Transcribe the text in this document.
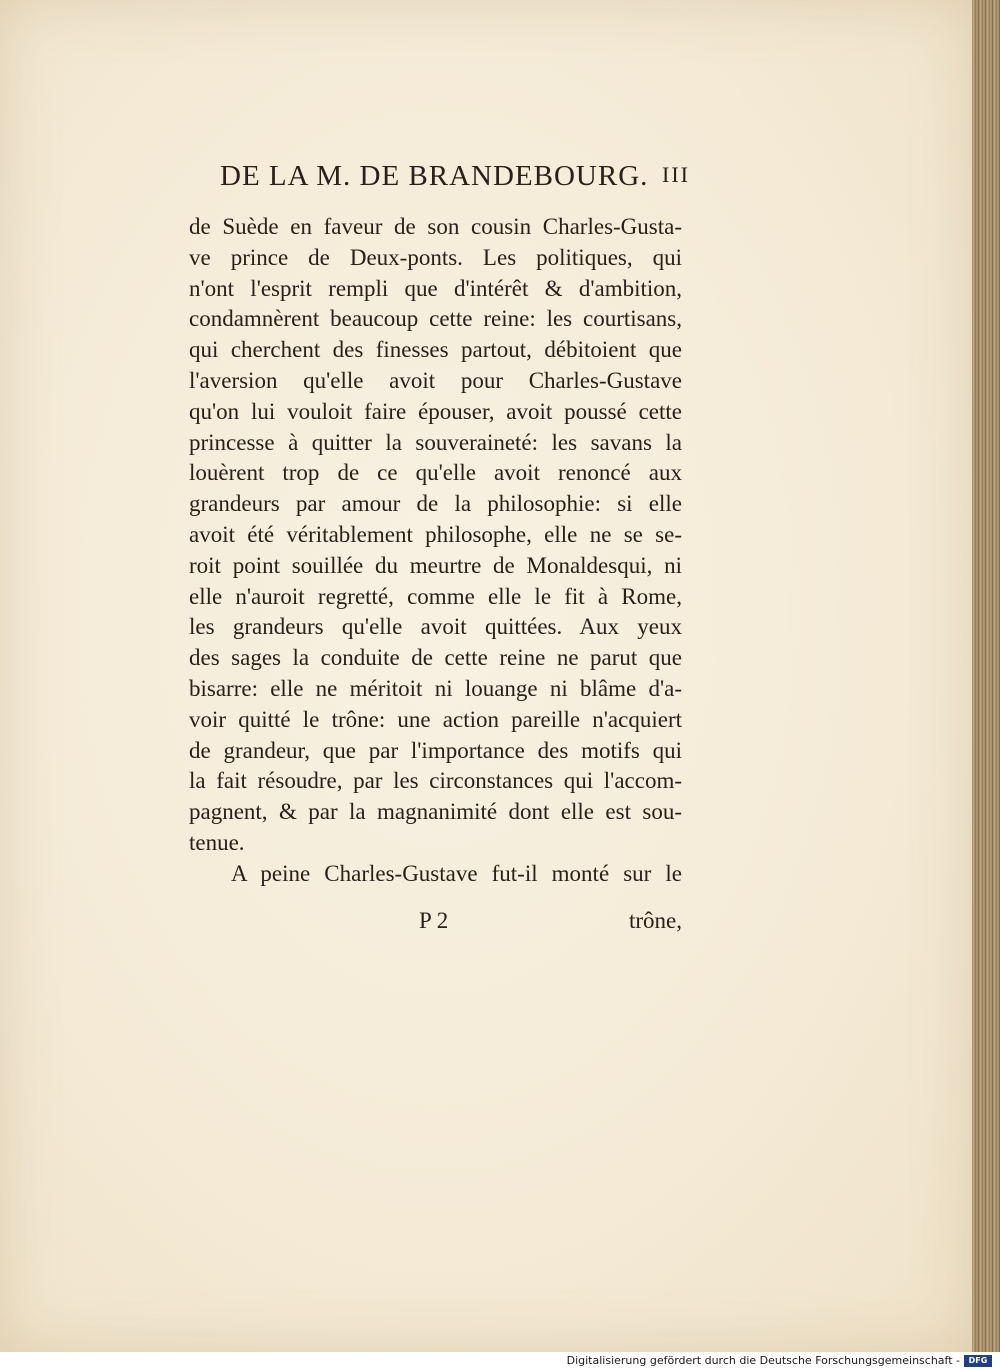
DE LA M. DE BRANDEBOURG. III
de Suède en faveur de son cousin Charles-Gusta-
ve prince de Deux-ponts. Les politiques, qui
n'ont l'esprit rempli que d'intérêt & d'ambition,
condamnèrent beaucoup cette reine: les courtisans,
qui cherchent des finesses partout, débitoient que
l'aversion qu'elle avoit pour Charles-Gustave
qu'on lui vouloit faire épouser, avoit poussé cette
princesse à quitter la souveraineté: les savans la
louèrent trop de ce qu'elle avoit renoncé aux
grandeurs par amour de la philosophie: si elle
avoit été véritablement philosophe, elle ne se se-
roit point souillée du meurtre de Monaldesqui, ni
elle n'auroit regretté, comme elle le fit à Rome,
les grandeurs qu'elle avoit quittées. Aux yeux
des sages la conduite de cette reine ne parut que
bisarre: elle ne méritoit ni louange ni blâme d'a-
voir quitté le trône: une action pareille n'acquiert
de grandeur, que par l'importance des motifs qui
la fait résoudre, par les circonstances qui l'accom-
pagnent, & par la magnanimité dont elle est sou-
tenue.
A peine Charles-Gustave fut-il monté sur le
P 2	trône,
Digitalisierung gefördert durch die Deutsche Forschungsgemeinschaft -	DFG
